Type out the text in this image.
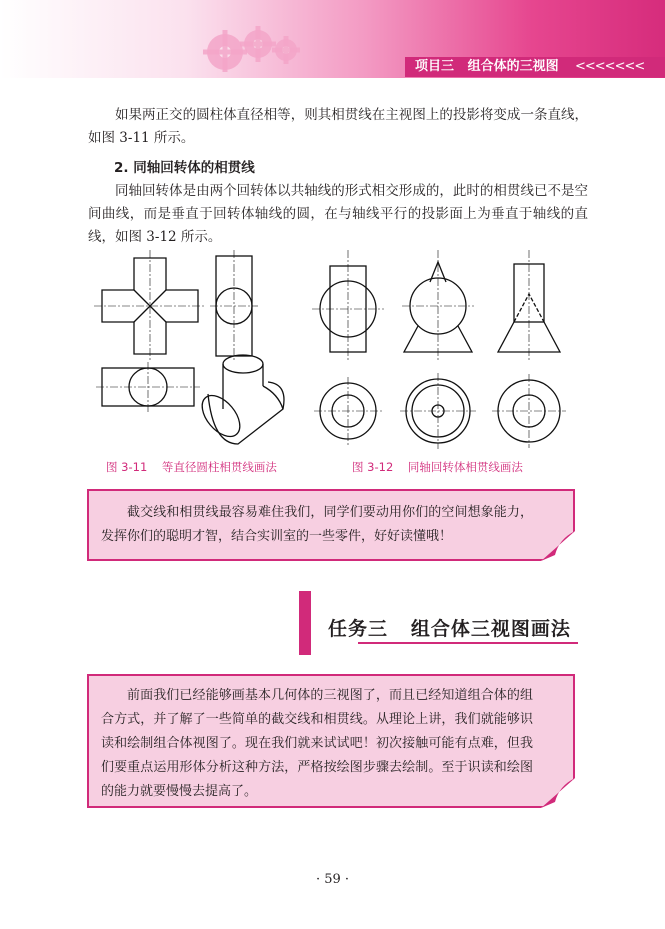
项目三 组合体的三视图 <<<<<<<

如果两正交的圆柱体直径相等，则其相贯线在主视图上的投影将变成一条直线，如图 3-11 所示。

2. 同轴回转体的相贯线

同轴回转体是由两个回转体以共轴线的形式相交形成的，此时的相贯线已不是空间曲线，而是垂直于回转体轴线的圆，在与轴线平行的投影面上为垂直于轴线的直线，如图 3-12 所示。

图 3-11 等直径圆柱相贯线画法	图 3-12 同轴回转体相贯线画法

截交线和相贯线最容易难住我们，同学们要动用你们的空间想象能力，发挥你们的聪明才智，结合实训室的一些零件，好好读懂哦！

任务三 组合体三视图画法

前面我们已经能够画基本几何体的三视图了，而且已经知道组合体的组合方式，并了解了一些简单的截交线和相贯线。从理论上讲，我们就能够识读和绘制组合体视图了。现在我们就来试试吧！初次接触可能有点难，但我们要重点运用形体分析这种方法，严格按绘图步骤去绘制。至于识读和绘图的能力就要慢慢去提高了。

· 59 ·
